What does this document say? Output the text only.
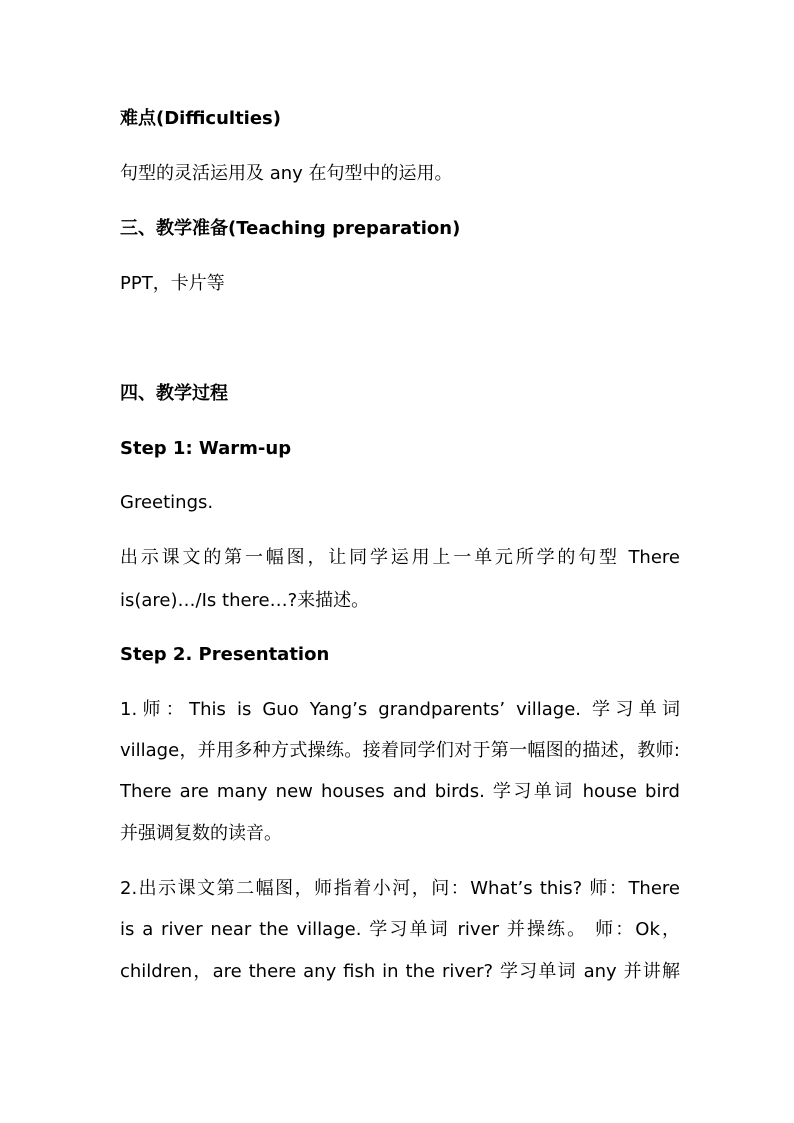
难点(Difficulties)
句型的灵活运用及 any 在句型中的运用。
三、教学准备(Teaching preparation)
PPT，卡片等
四、教学过程
Step 1: Warm-up
Greetings.
出示课文的第一幅图，让同学运用上一单元所学的句型 There
is(are)…/Is there…?来描述。
Step 2. Presentation
1.师：This is Guo Yang’s grandparents’ village. 学习单词
village，并用多种方式操练。接着同学们对于第一幅图的描述，教师:
There are many new houses and birds. 学习单词 house bird
并强调复数的读音。
2.出示课文第二幅图，师指着小河，问：What’s this? 师：There
is a river near the village. 学习单词 river 并操练。 师：Ok，
children，are there any fish in the river? 学习单词 any 并讲解
